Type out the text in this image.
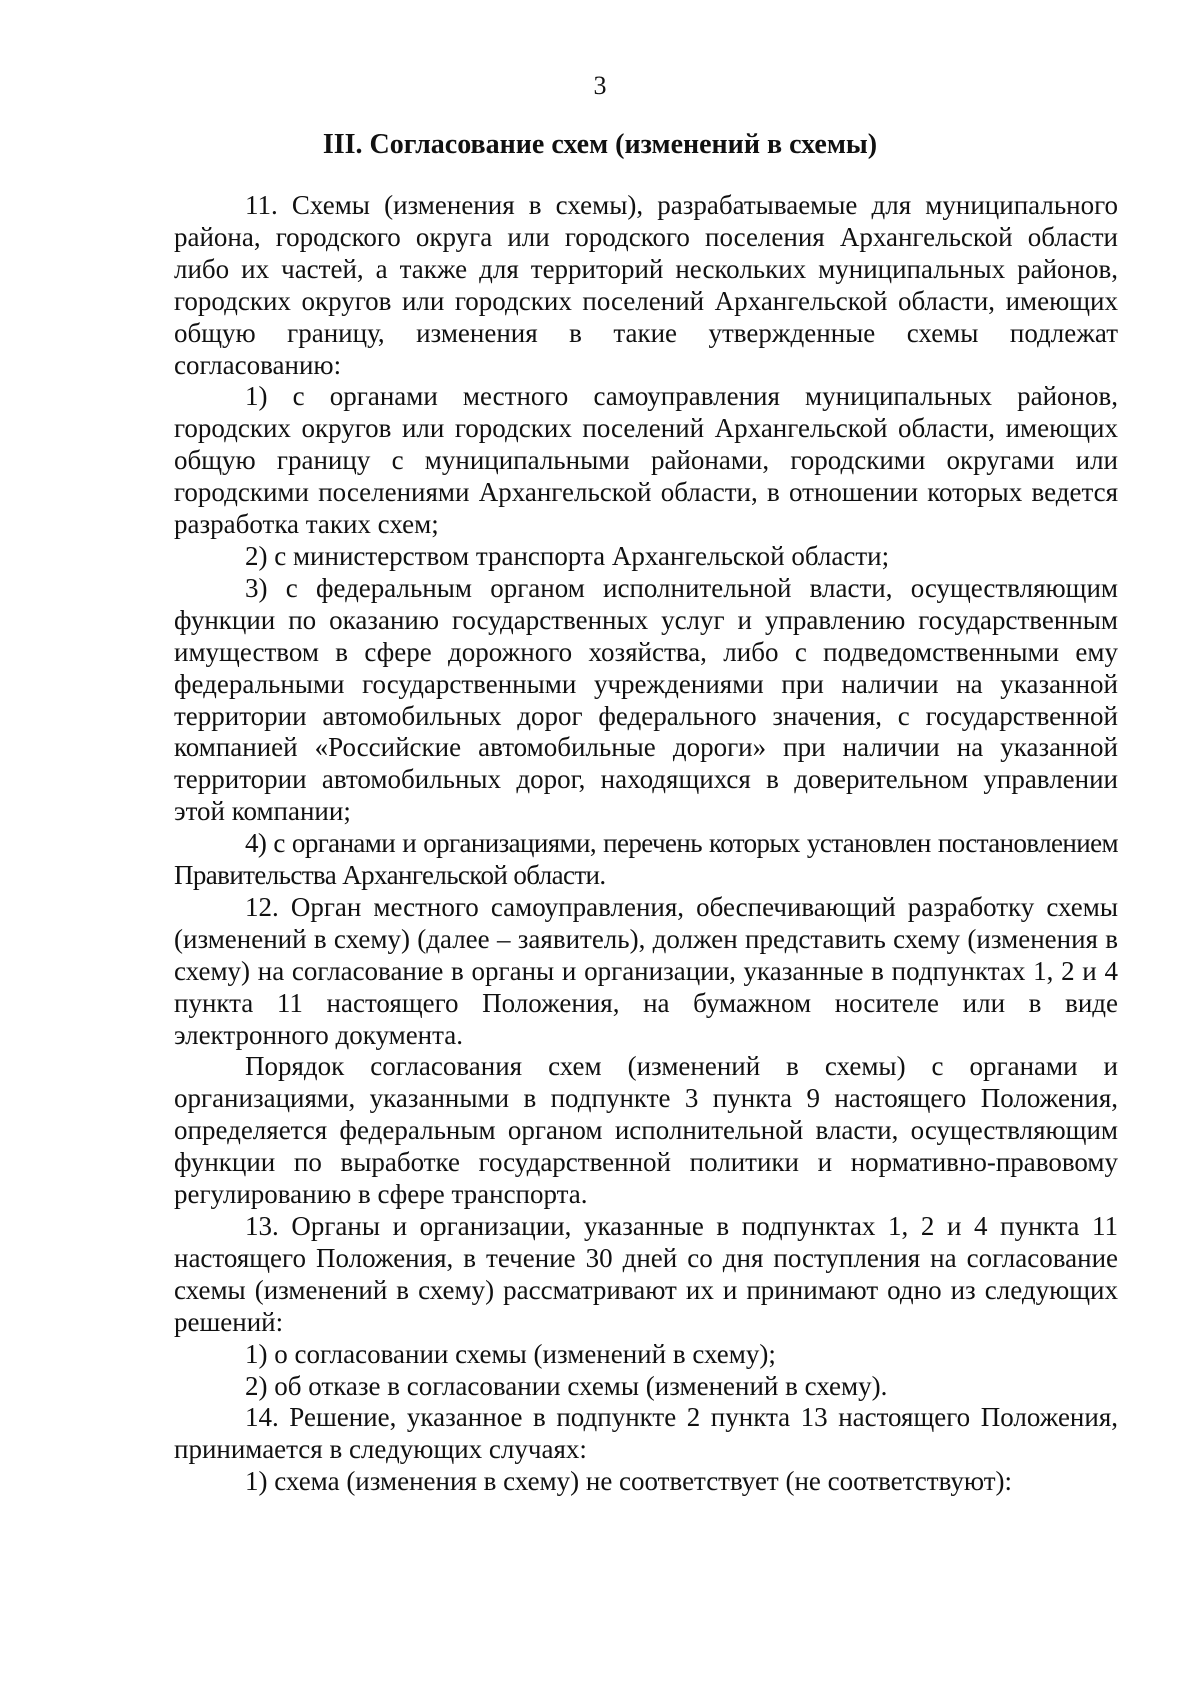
3
III. Согласование схем (изменений в схемы)

11. Схемы (изменения в схемы), разрабатываемые для муниципального района, городского округа или городского поселения Архангельской области либо их частей, а также для территорий нескольких муниципальных районов, городских округов или городских поселений Архангельской области, имеющих общую границу, изменения в такие утвержденные схемы подлежат согласованию:

1) с органами местного самоуправления муниципальных районов, городских округов или городских поселений Архангельской области, имеющих общую границу с муниципальными районами, городскими округами или городскими поселениями Архангельской области, в отношении которых ведется разработка таких схем;

2) с министерством транспорта Архангельской области;

3) с федеральным органом исполнительной власти, осуществляющим функции по оказанию государственных услуг и управлению государственным имуществом в сфере дорожного хозяйства, либо с подведомственными ему федеральными государственными учреждениями при наличии на указанной территории автомобильных дорог федерального значения, с государственной компанией «Российские автомобильные дороги» при наличии на указанной территории автомобильных дорог, находящихся в доверительном управлении этой компании;

4) с органами и организациями, перечень которых установлен постановлением Правительства Архангельской области.

12. Орган местного самоуправления, обеспечивающий разработку схемы (изменений в схему) (далее – заявитель), должен представить схему (изменения в схему) на согласование в органы и организации, указанные в подпунктах 1, 2 и 4 пункта 11 настоящего Положения, на бумажном носителе или в виде электронного документа.

Порядок согласования схем (изменений в схемы) с органами и организациями, указанными в подпункте 3 пункта 9 настоящего Положения, определяется федеральным органом исполнительной власти, осуществляющим функции по выработке государственной политики и нормативно-правовому регулированию в сфере транспорта.

13. Органы и организации, указанные в подпунктах 1, 2 и 4 пункта 11 настоящего Положения, в течение 30 дней со дня поступления на согласование схемы (изменений в схему) рассматривают их и принимают одно из следующих решений:

1) о согласовании схемы (изменений в схему);

2) об отказе в согласовании схемы (изменений в схему).

14. Решение, указанное в подпункте 2 пункта 13 настоящего Положения, принимается в следующих случаях:

1) схема (изменения в схему) не соответствует (не соответствуют):
